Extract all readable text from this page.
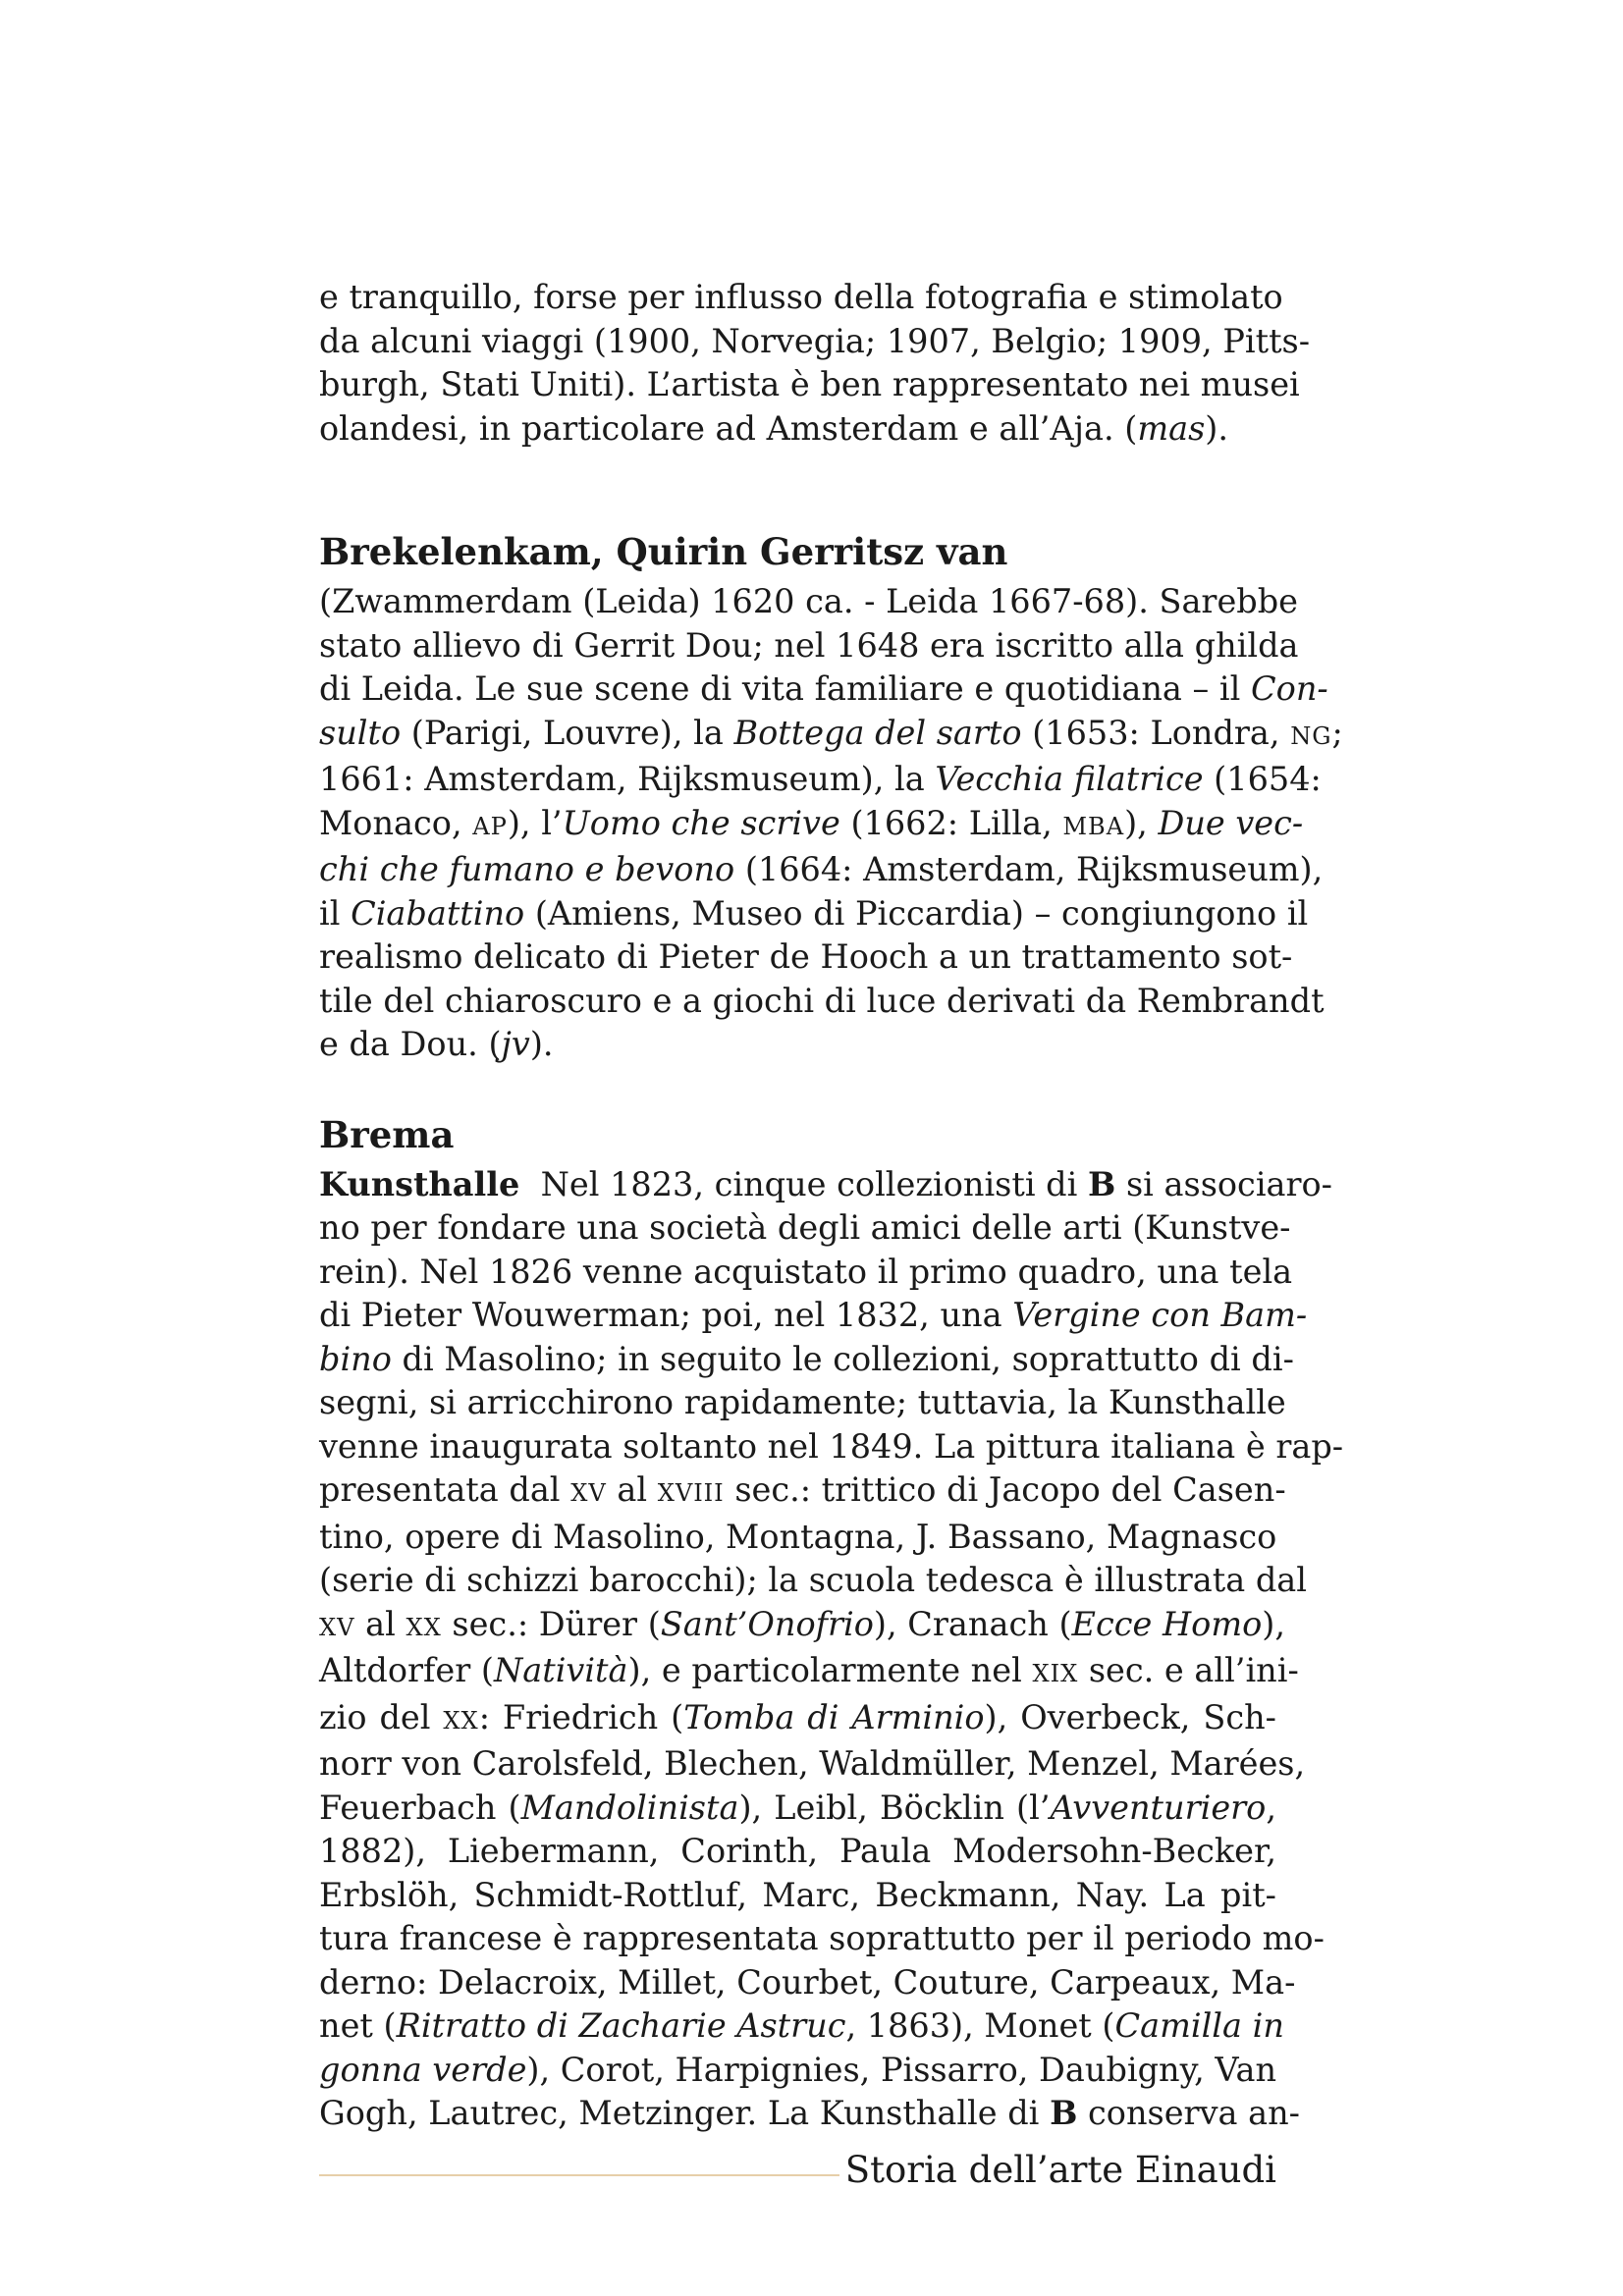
e tranquillo, forse per influsso della fotografia e stimolato
da alcuni viaggi (1900, Norvegia; 1907, Belgio; 1909, Pitts-
burgh, Stati Uniti). L’artista è ben rappresentato nei musei
olandesi, in particolare ad Amsterdam e all’Aja. (mas).

Brekelenkam, Quirin Gerritsz van

(Zwammerdam (Leida) 1620 ca. - Leida 1667-68). Sarebbe
stato allievo di Gerrit Dou; nel 1648 era iscritto alla ghilda
di Leida. Le sue scene di vita familiare e quotidiana – il Con-
sulto (Parigi, Louvre), la Bottega del sarto (1653: Londra, NG;
1661: Amsterdam, Rijksmuseum), la Vecchia filatrice (1654:
Monaco, AP), l’Uomo che scrive (1662: Lilla, MBA), Due vec-
chi che fumano e bevono (1664: Amsterdam, Rijksmuseum),
il Ciabattino (Amiens, Museo di Piccardia) – congiungono il
realismo delicato di Pieter de Hooch a un trattamento sot-
tile del chiaroscuro e a giochi di luce derivati da Rembrandt
e da Dou. (jv).

Brema

Kunsthalle  Nel 1823, cinque collezionisti di B si associaro-
no per fondare una società degli amici delle arti (Kunstve-
rein). Nel 1826 venne acquistato il primo quadro, una tela
di Pieter Wouwerman; poi, nel 1832, una Vergine con Bam-
bino di Masolino; in seguito le collezioni, soprattutto di di-
segni, si arricchirono rapidamente; tuttavia, la Kunsthalle
venne inaugurata soltanto nel 1849. La pittura italiana è rap-
presentata dal XV al XVIII sec.: trittico di Jacopo del Casen-
tino, opere di Masolino, Montagna, J. Bassano, Magnasco
(serie di schizzi barocchi); la scuola tedesca è illustrata dal
XV al XX sec.: Dürer (Sant’Onofrio), Cranach (Ecce Homo),
Altdorfer (Natività), e particolarmente nel XIX sec. e all’ini-
zio del XX: Friedrich (Tomba di Arminio), Overbeck, Sch-
norr von Carolsfeld, Blechen, Waldmüller, Menzel, Marées,
Feuerbach (Mandolinista), Leibl, Böcklin (l’Avventuriero,
1882), Liebermann, Corinth, Paula Modersohn-Becker,
Erbslöh, Schmidt-Rottluf, Marc, Beckmann, Nay. La pit-
tura francese è rappresentata soprattutto per il periodo mo-
derno: Delacroix, Millet, Courbet, Couture, Carpeaux, Ma-
net (Ritratto di Zacharie Astruc, 1863), Monet (Camilla in
gonna verde), Corot, Harpignies, Pissarro, Daubigny, Van
Gogh, Lautrec, Metzinger. La Kunsthalle di B conserva an-

Storia dell’arte Einaudi
